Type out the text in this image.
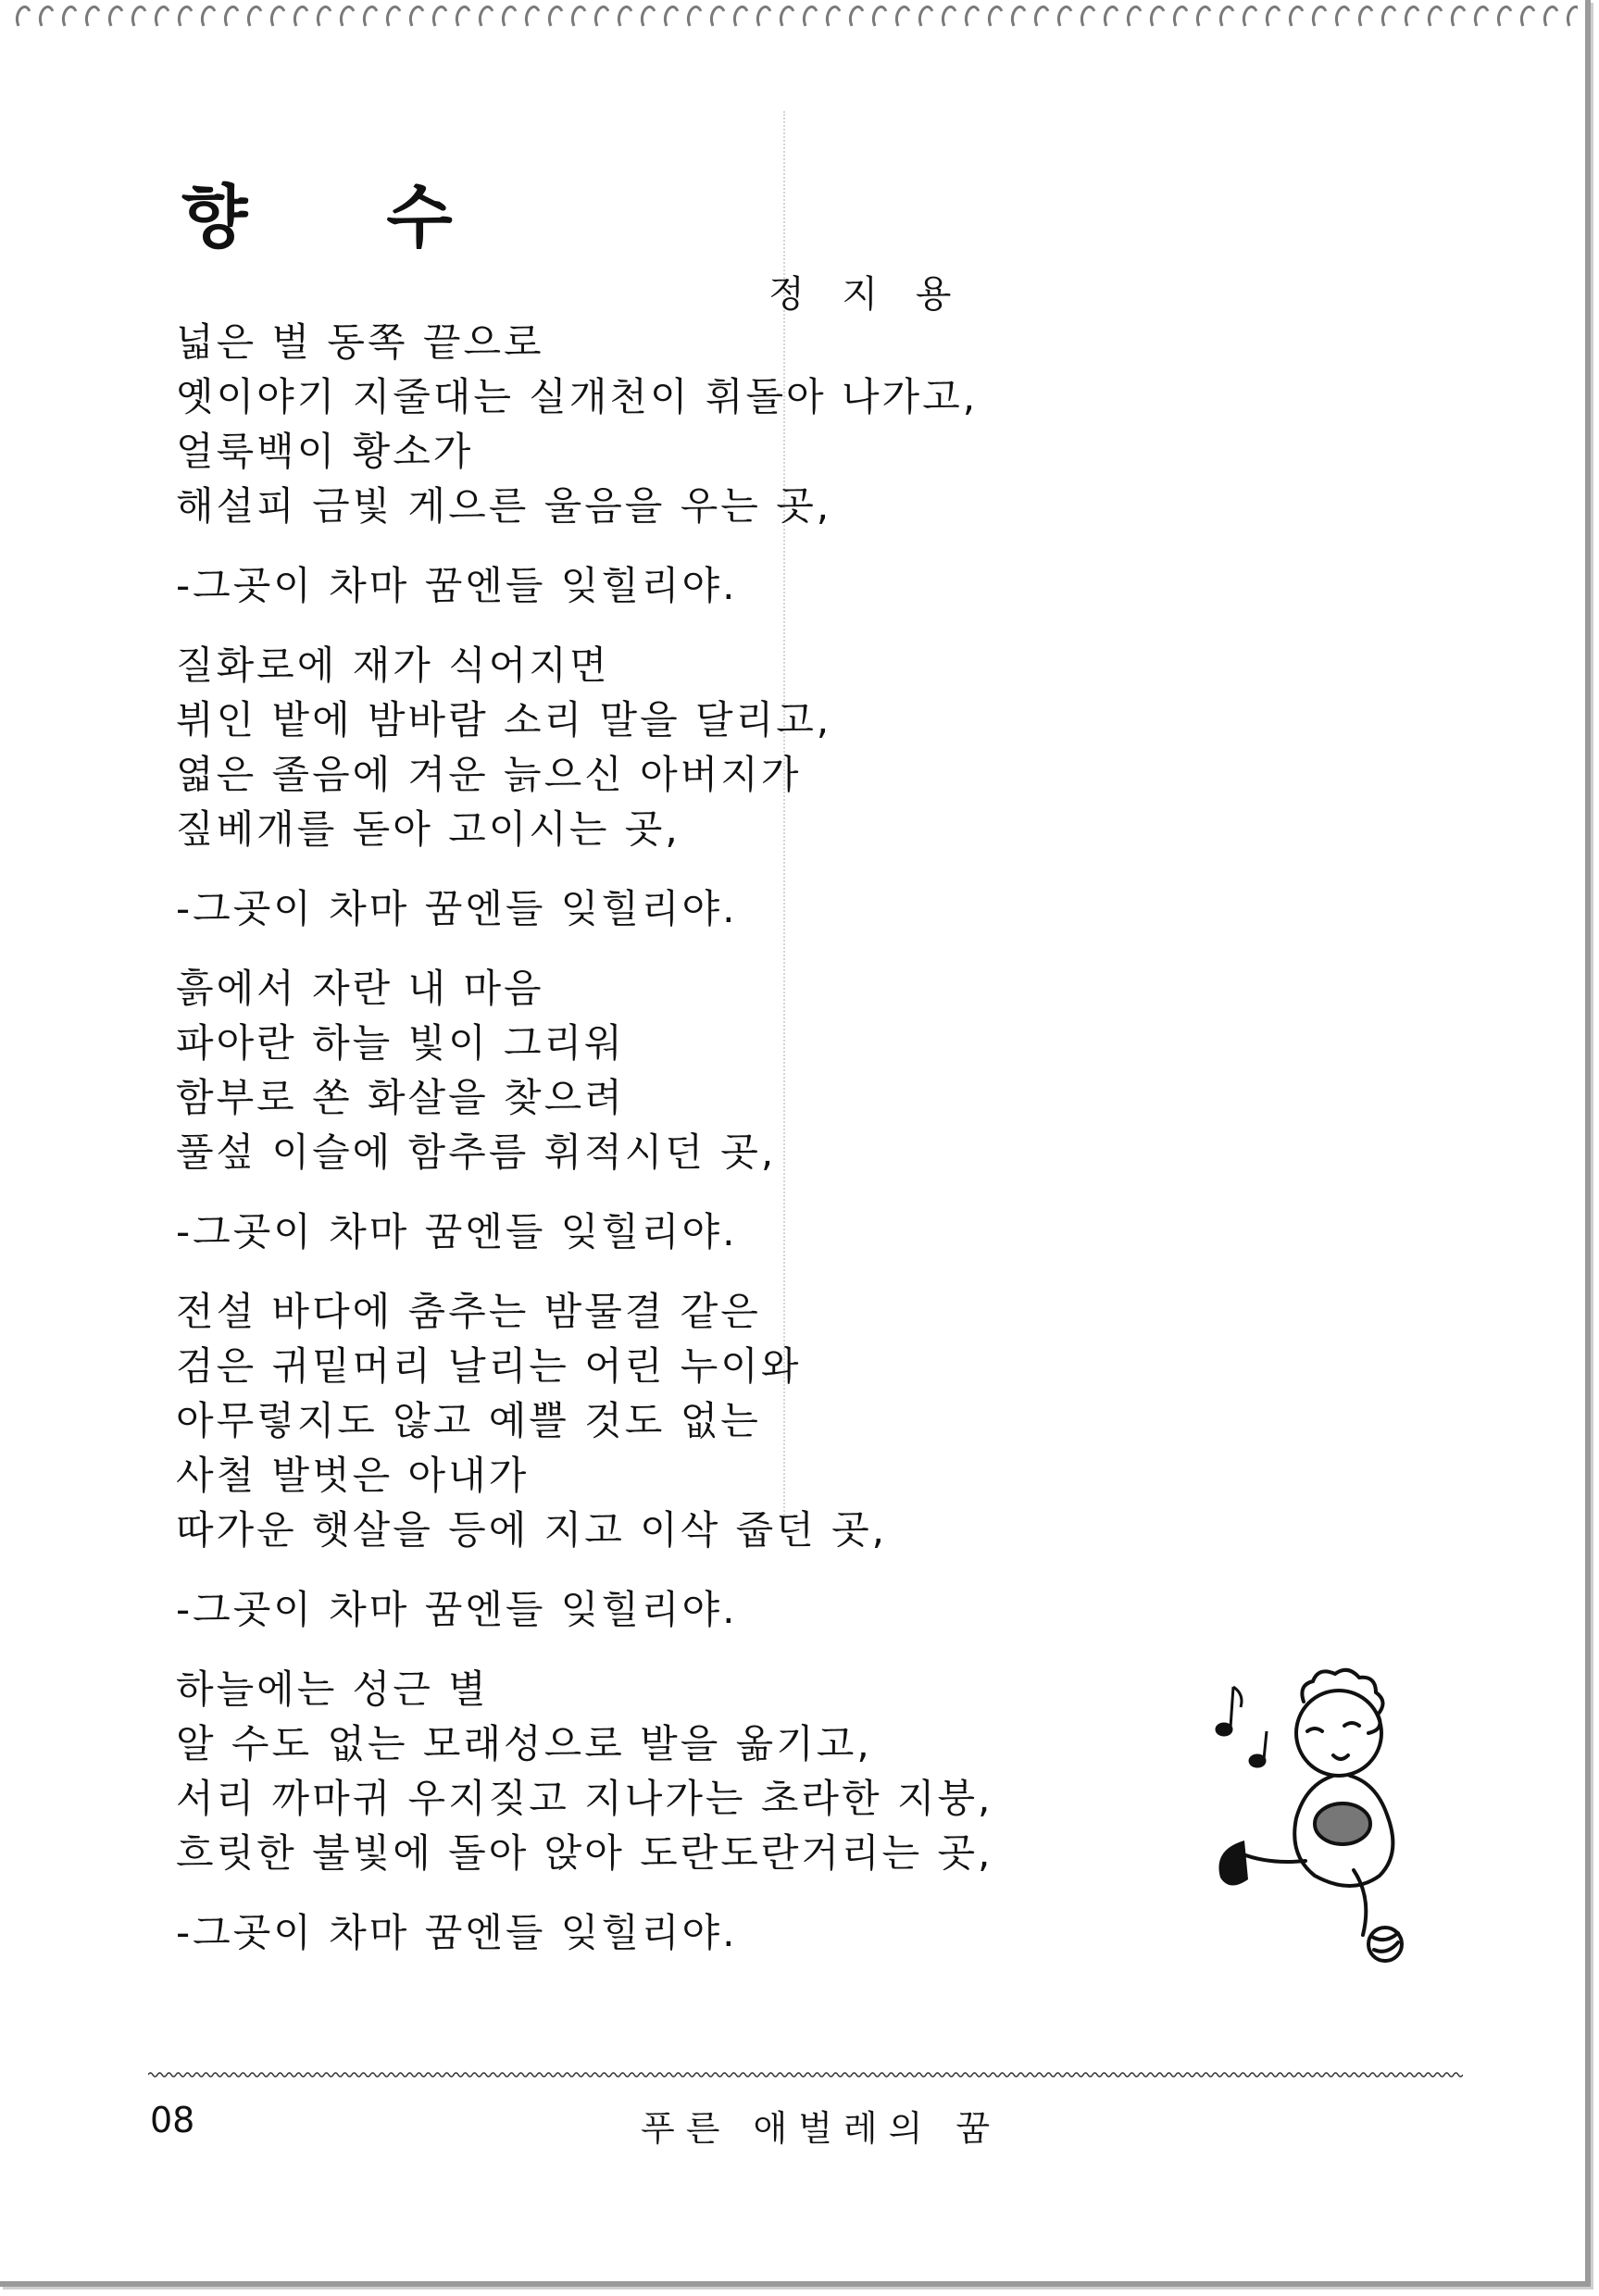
향 수
정 지 용
넓은 벌 동쪽 끝으로
옛이야기 지줄대는 실개천이 휘돌아 나가고,
얼룩백이 황소가
해설피 금빛 게으른 울음을 우는 곳,
-그곳이 차마 꿈엔들 잊힐리야.
질화로에 재가 식어지면
뷔인 밭에 밤바람 소리 말을 달리고,
엷은 졸음에 겨운 늙으신 아버지가
짚베개를 돋아 고이시는 곳,
-그곳이 차마 꿈엔들 잊힐리야.
흙에서 자란 내 마음
파아란 하늘 빛이 그리워
함부로 쏜 화살을 찾으려
풀섶 이슬에 함추름 휘적시던 곳,
-그곳이 차마 꿈엔들 잊힐리야.
전설 바다에 춤추는 밤물결 같은
검은 귀밑머리 날리는 어린 누이와
아무렇지도 않고 예쁠 것도 없는
사철 발벗은 아내가
따가운 햇살을 등에 지고 이삭 줍던 곳,
-그곳이 차마 꿈엔들 잊힐리야.
하늘에는 성근 별
알 수도 없는 모래성으로 발을 옮기고,
서리 까마귀 우지짖고 지나가는 초라한 지붕,
흐릿한 불빛에 돌아 앉아 도란도란거리는 곳,
-그곳이 차마 꿈엔들 잊힐리야.
08	푸른 애벌레의 꿈
